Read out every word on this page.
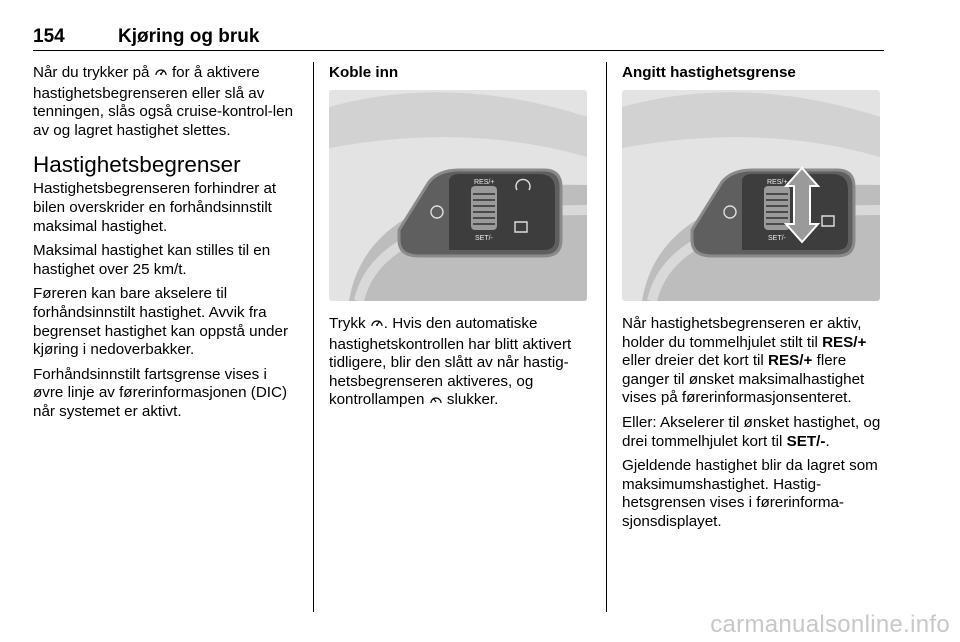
154	Kjøring og bruk

Når du trykker på for å aktivere hastighetsbegrenseren eller slå av tenningen, slås også cruise-kontrol-len av og lagret hastighet slettes.

Hastighetsbegrenser

Hastighetsbegrenseren forhindrer at bilen overskrider en forhåndsinnstilt maksimal hastighet.

Maksimal hastighet kan stilles til en hastighet over 25 km/t.

Føreren kan bare akselere til forhåndsinnstilt hastighet. Avvik fra begrenset hastighet kan oppstå under kjøring i nedoverbakker.

Forhåndsinnstilt fartsgrense vises i øvre linje av førerinformasjonen (DIC) når systemet er aktivt.

Koble inn
RES/+
SET/-

Trykk . Hvis den automatiske hastighetskontrollen har blitt aktivert tidligere, blir den slått av når hastig-hetsbegrenseren aktiveres, og kontrollampen slukker.

Angitt hastighetsgrense
RES/+
SET/-

Når hastighetsbegrenseren er aktiv, holder du tommelhjulet stilt til RES/+ eller dreier det kort til RES/+ flere ganger til ønsket maksimalhastighet vises på førerinformasjonsenteret.

Eller: Akselerer til ønsket hastighet, og drei tommelhjulet kort til SET/-.

Gjeldende hastighet blir da lagret som maksimumshastighet. Hastig-hetsgrensen vises i førerinforma-sjonsdisplayet.

carmanualsonline.info
